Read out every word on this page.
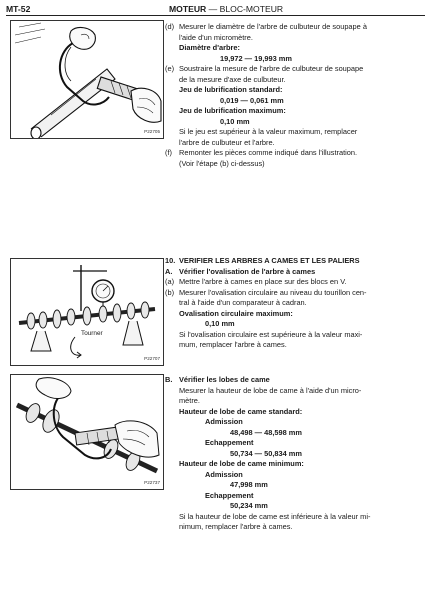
MT-52	MOTEUR — BLOC-MOTEUR
P22705
Tourner
P22707
P22737
(d) Mesurer le diamètre de l'arbre de culbuteur de soupape à
l'aide d'un micromètre.
Diamètre d'arbre:
19,972 — 19,993 mm
(e) Soustraire la mesure de l'arbre de culbuteur de soupape
de la mesure d'axe de culbuteur.
Jeu de lubrification standard:
0,019 — 0,061 mm
Jeu de lubrification maximum:
0,10 mm
Si le jeu est supérieur à la valeur maximum, remplacer
l'arbre de culbuteur et l'arbre.
(f) Remonter les pièces comme indiqué dans l'illustration.
(Voir l'étape (b) ci-dessus)
10. VERIFIER LES ARBRES A CAMES ET LES PALIERS
A. Vérifier l'ovalisation de l'arbre à cames
(a) Mettre l'arbre à cames en place sur des blocs en V.
(b) Mesurer l'ovalisation circulaire au niveau du tourillon cen-
tral à l'aide d'un comparateur à cadran.
Ovalisation circulaire maximum:
0,10 mm
Si l'ovalisation circulaire est supérieure à la valeur maxi-
mum, remplacer l'arbre à cames.
B. Vérifier les lobes de came
Mesurer la hauteur de lobe de came à l'aide d'un micro-
mètre.
Hauteur de lobe de came standard:
Admission
48,498 — 48,598 mm
Echappement
50,734 — 50,834 mm
Hauteur de lobe de came minimum:
Admission
47,998 mm
Echappement
50,234 mm
Si la hauteur de lobe de came est inférieure à la valeur mi-
nimum, remplacer l'arbre à cames.
